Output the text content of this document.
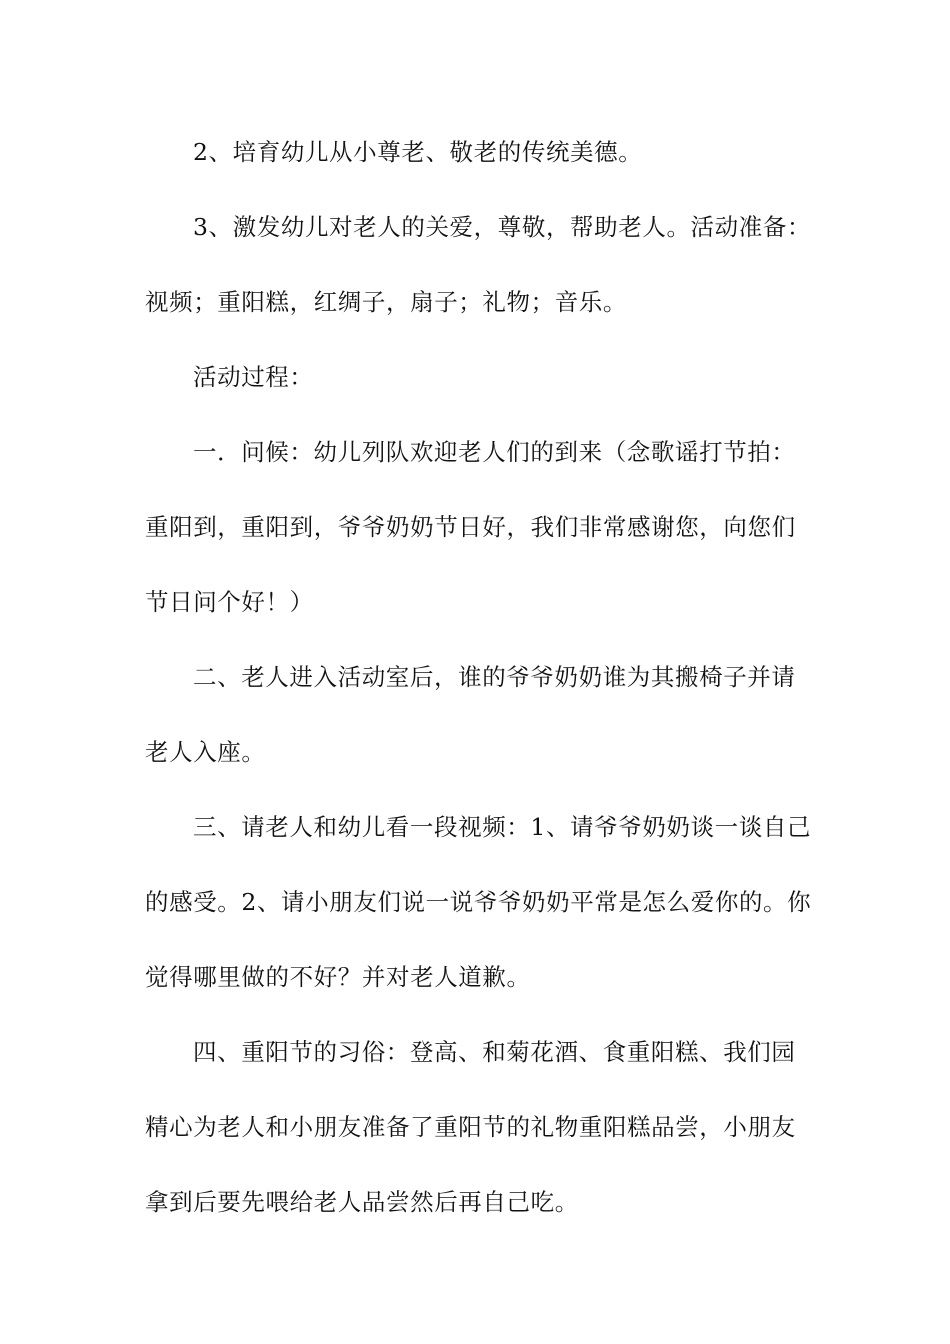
2、培育幼儿从小尊老、敬老的传统美德。
3、激发幼儿对老人的关爱，尊敬，帮助老人。活动准备：
视频；重阳糕，红绸子，扇子；礼物；音乐。
活动过程：
一．问候：幼儿列队欢迎老人们的到来（念歌谣打节拍：
重阳到，重阳到，爷爷奶奶节日好，我们非常感谢您，向您们
节日问个好！）
二、老人进入活动室后，谁的爷爷奶奶谁为其搬椅子并请
老人入座。
三、请老人和幼儿看一段视频：1、请爷爷奶奶谈一谈自己
的感受。2、请小朋友们说一说爷爷奶奶平常是怎么爱你的。你
觉得哪里做的不好？并对老人道歉。
四、重阳节的习俗：登高、和菊花酒、食重阳糕、我们园
精心为老人和小朋友准备了重阳节的礼物重阳糕品尝，小朋友
拿到后要先喂给老人品尝然后再自己吃。
